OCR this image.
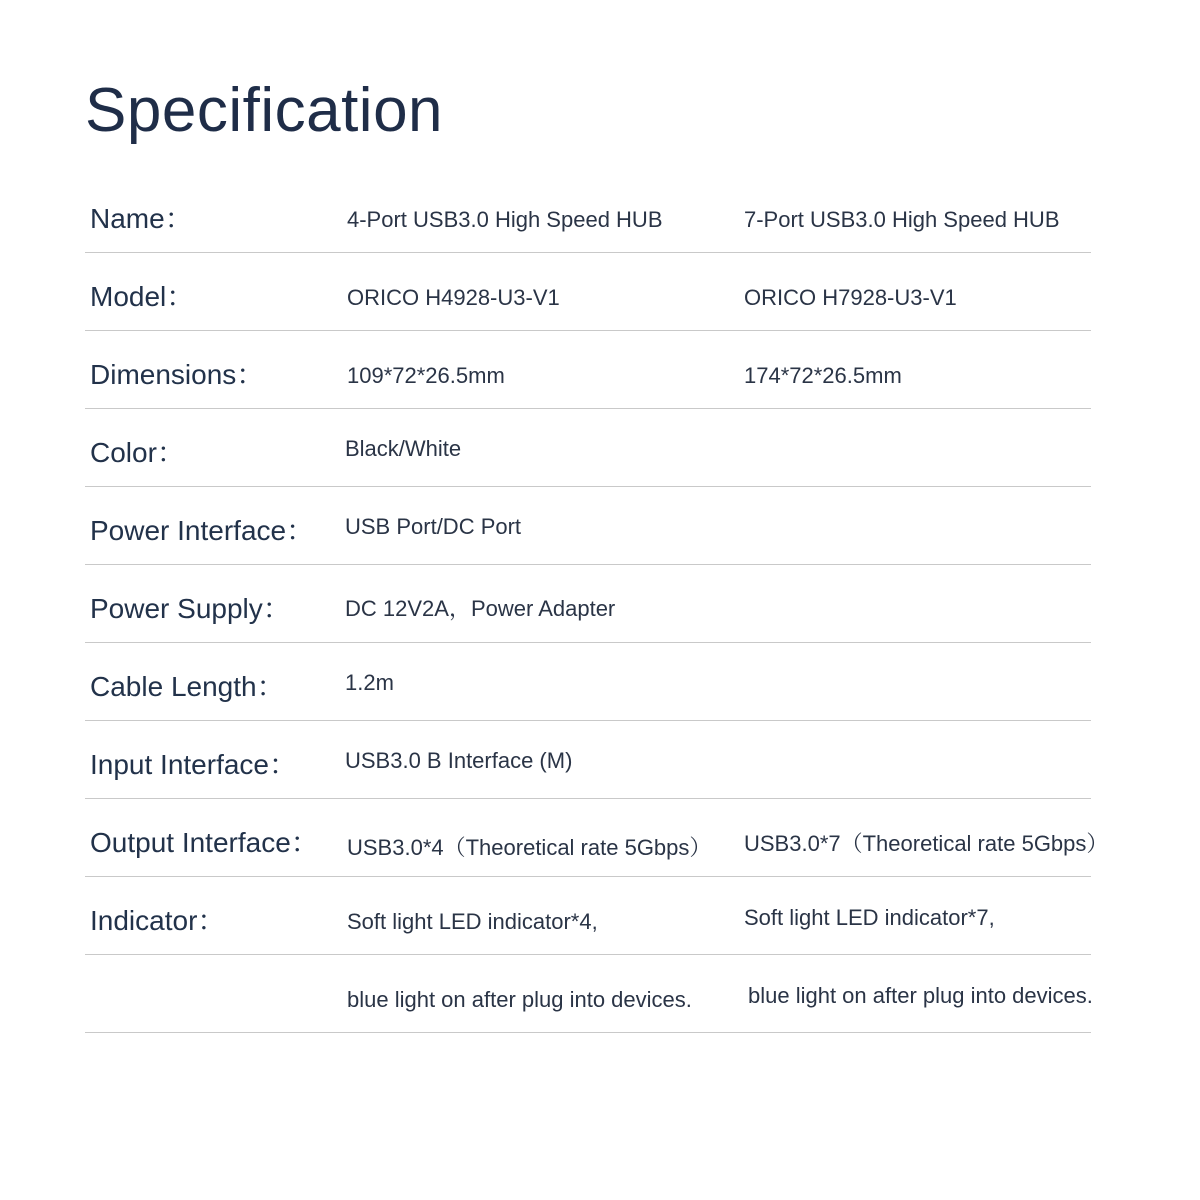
Specification
Name：	4-Port USB3.0 High Speed HUB	7-Port USB3.0 High Speed HUB
Model：	ORICO H4928-U3-V1	ORICO H7928-U3-V1
Dimensions：	109*72*26.5mm	174*72*26.5mm
Color：	Black/White
Power Interface： USB Port/DC Port
Power Supply： DC 12V2A，Power Adapter
Cable Length：	1.2m
Input Interface： USB3.0 B Interface (M)
Output Interface： USB3.0*4（Theoretical rate 5Gbps） USB3.0*7（Theoretical rate 5Gbps）
Indicator：	Soft light LED indicator*4,	Soft light LED indicator*7,
blue light on after plug into devices.	blue light on after plug into devices.
